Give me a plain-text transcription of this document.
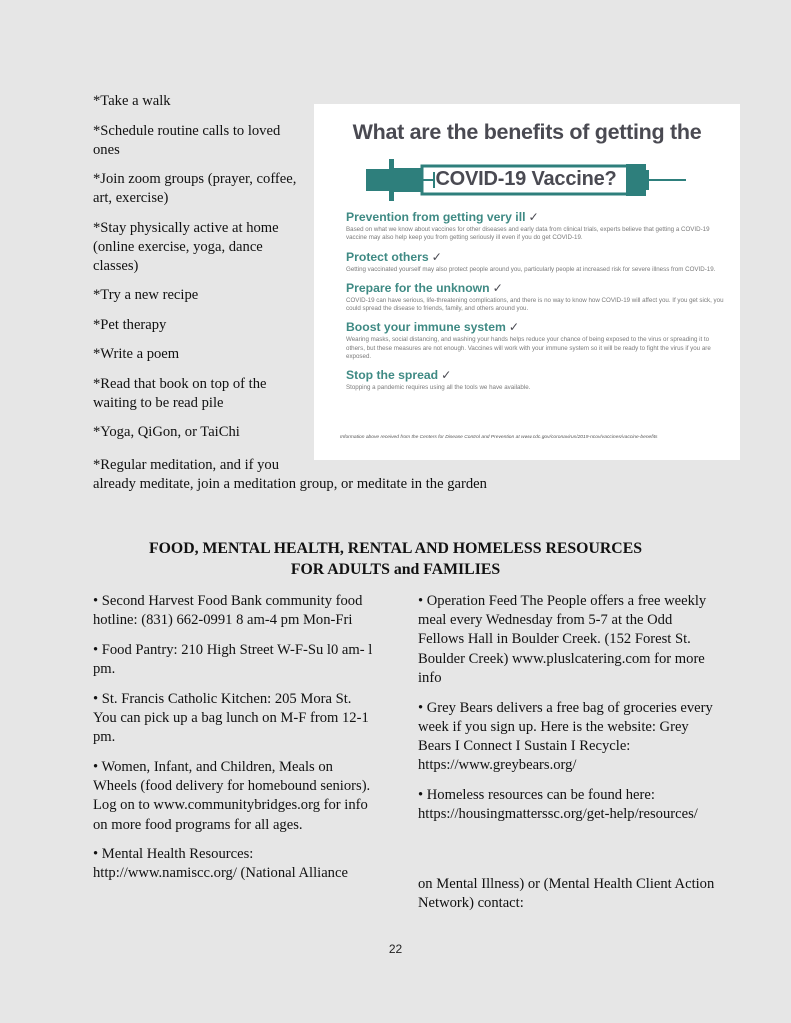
*Take a walk

*Schedule routine calls to loved ones

*Join zoom groups (prayer, coffee, art, exercise)

*Stay physically active at home (online exercise, yoga, dance classes)

*Try a new recipe

*Pet therapy

*Write a poem

*Read that book on top of the waiting to be read pile

*Yoga, QiGon, or TaiChi

*Regular meditation, and if you

already meditate, join a meditation group, or meditate in the garden

What are the benefits of getting the
COVID-19 Vaccine?
Prevention from getting very ill ✓
Based on what we know about vaccines for other diseases and early data from clinical trials, experts believe that getting a COVID-19 vaccine may also help keep you from getting seriously ill even if you do get COVID-19.
Protect others ✓
Getting vaccinated yourself may also protect people around you, particularly people at increased risk for severe illness from COVID-19.
Prepare for the unknown ✓
COVID-19 can have serious, life-threatening complications, and there is no way to know how COVID-19 will affect you. If you get sick, you could spread the disease to friends, family, and others around you.
Boost your immune system ✓
Wearing masks, social distancing, and washing your hands helps reduce your chance of being exposed to the virus or spreading it to others, but these measures are not enough. Vaccines will work with your immune system so it will be ready to fight the virus if you are exposed.
Stop the spread ✓
Stopping a pandemic requires using all the tools we have available.
Information above received from the Centers for Disease Control and Prevention at www.cdc.gov/coronavirus/2019-ncov/vaccines/vaccine-benefits
FOOD, MENTAL HEALTH, RENTAL AND HOMELESS RESOURCES
FOR ADULTS and FAMILIES

• Second Harvest Food Bank community food hotline: (831) 662-0991 8 am-4 pm Mon-Fri

• Food Pantry: 210 High Street W-F-Su l0 am- l pm.

• St. Francis Catholic Kitchen: 205 Mora St. You can pick up a bag lunch on M-F from 12-1 pm.

• Women, Infant, and Children, Meals on Wheels (food delivery for homebound seniors). Log on to www.communitybridges.org for info on more food programs for all ages.

• Mental Health Resources: http://www.namiscc.org/ (National Alliance

• Operation Feed The People offers a free weekly meal every Wednesday from 5-7 at the Odd Fellows Hall in Boulder Creek. (152 Forest St. Boulder Creek) www.pluslcatering.com for more info

• Grey Bears delivers a free bag of groceries every week if you sign up. Here is the website: Grey Bears I Connect I Sustain I Recycle: https://www.greybears.org/

• Homeless resources can be found here: https://housingmatterssc.org/get-help/resources/

on Mental Illness) or (Mental Health Client Action Network) contact:

22
